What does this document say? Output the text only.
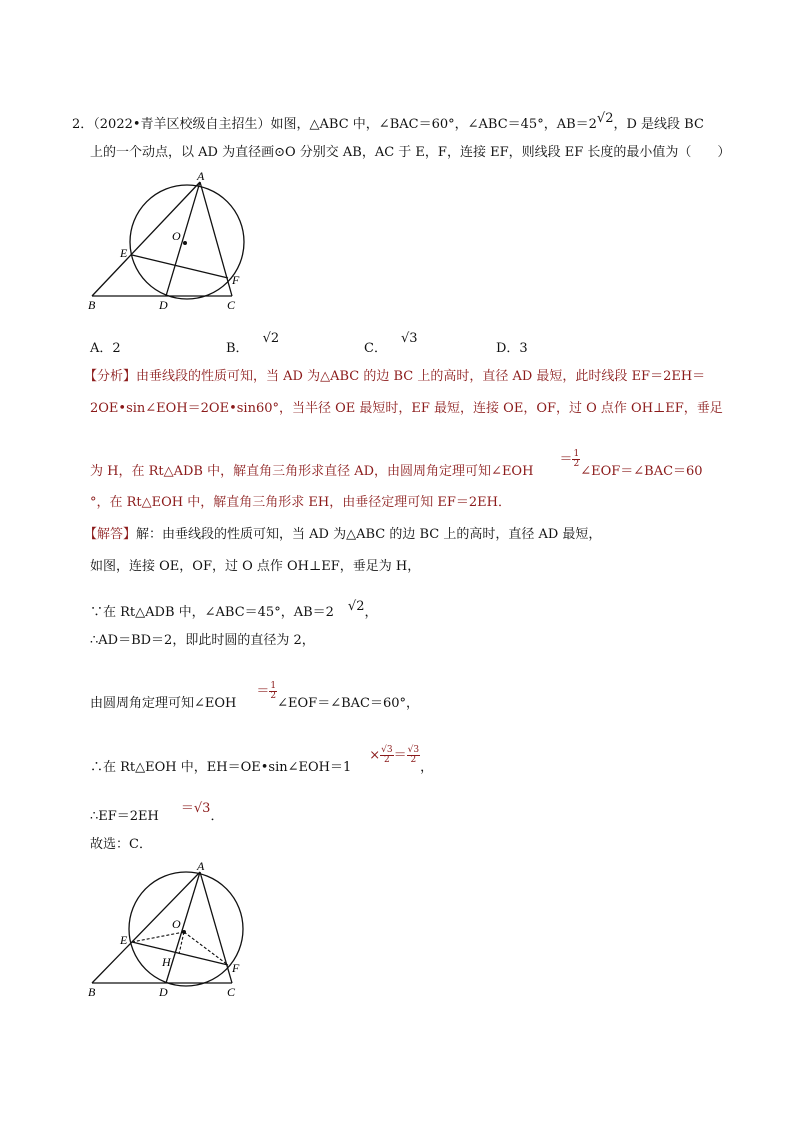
2．（2022•青羊区校级自主招生）如图，△ABC 中，∠BAC＝60°，∠ABC＝45°，AB＝2√2，D 是线段 BC
上的一个动点，以 AD 为直径画⊙O 分别交 AB，AC 于 E，F，连接 EF，则线段 EF 长度的最小值为（　　）
A
O
E
F
B	D	C
A．2	B．√2
C．√3
D．3
【分析】由垂线段的性质可知，当 AD 为△ABC 的边 BC 上的高时，直径 AD 最短，此时线段 EF＝2EH＝
2OE•sin∠EOH＝2OE•sin60°，当半径 OE 最短时，EF 最短，连接 OE，OF，过 O 点作 OH⊥EF，垂足
为 H，在 Rt△ADB 中，解直角三角形求直径 AD，由圆周角定理可知∠EOH＝ $\frac{1}{2}$
∠EOF＝∠BAC＝60
°，在 Rt△EOH 中，解直角三角形求 EH，由垂径定理可知 EF＝2EH．
【解答】解：由垂线段的性质可知，当 AD 为△ABC 的边 BC 上的高时，直径 AD 最短，
如图，连接 OE，OF，过 O 点作 OH⊥EF，垂足为 H，
∵在 Rt△ADB 中，∠ABC＝45°，AB＝2 √2，
∴AD＝BD＝2，即此时圆的直径为 2，
由圆周角定理可知∠EOH＝ $\frac{1}{2}$
∠EOF＝∠BAC＝60°，
∴在 Rt△EOH 中，EH＝OE•sin∠EOH＝1× $\frac{√3}{2} = \frac{√3}{2}$
，
∴EF＝2EH＝√3．
故选：C．
A
O
E
H	F
B	D	C
